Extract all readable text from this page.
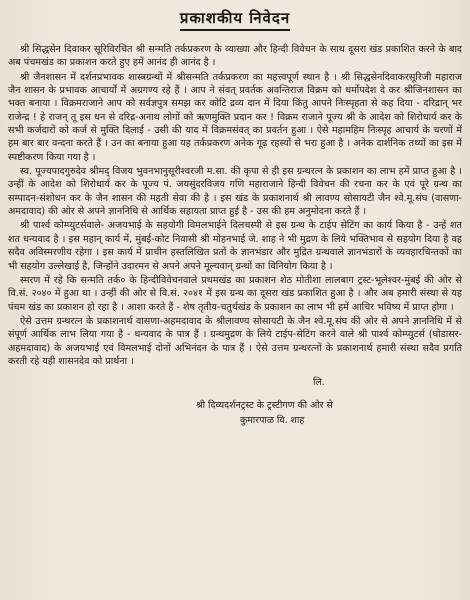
प्रकाशकीय निवेदन

श्री सिद्धसेन दिवाकर सूरिविरचित श्री सन्मति तर्कप्रकरण के व्याख्या और हिन्दी विवेचन के साथ दूसरा खंड प्रकाशित करने के बाद अब पंचमखंड का प्रकाशन करते हुए हमें आनंद ही आनंद है ।

श्री जैनशासन में दर्शनप्रभावक शास्त्रग्रन्थों में श्रीसन्मति तर्कप्रकरण का महत्त्वपूर्ण स्थान है । श्री सिद्धसेनदिवाकरसूरिजी महाराज जैन शासन के प्रभावक आचार्यों में अग्रगण्य रहे हैं । आप ने संवत् प्रवर्तक अवन्तिराज विक्रम को धर्मोपदेश दे कर श्रीजिनशासन का भक्त बनाया । विक्रमराजाने आप को सर्वज्ञपुत्र समझ कर कोटि द्रव्य दान में दिया किंतु आपने निःस्पृहता से कह दिया - दरिद्रान् भर राजेन्द्र ! हे राजन् तू इस धन से दरिद्र-अनाथ लोगों को ऋणमुक्ति प्रदान कर ! विक्रम राजाने पूज्य श्री के आदेश को शिरोधार्य कर के सभी कर्जदारों को कर्ज से मुक्ति दिलाई - उसी की याद में विक्रमसंवत् का प्रवर्तन हुआ । ऐसे महामहिम निःस्पृह आचार्य के चरणों में हम बार बार वन्दना करते हैं । उन का बनाया हुआ यह तर्कप्रकरण अनेक गूढ़ रहस्यों से भरा हुआ है । अनेक दार्शनिक तथ्यों का इस में स्पष्टीकरण किया गया है ।

स्व. पूज्यपादगुरुदेव श्रीमद् विजय भुवनभानुसूरीश्वरजी म.सा. की कृपा से ही इस ग्रन्थरत्न के प्रकाशन का लाभ हमें प्राप्त हुआ है । उन्हीं के आदेश को शिरोधार्य कर के पूज्य पं. जयसुंदरविजय गणि महाराजाने हिन्दी विवेचन की रचना कर के एवं पूरे ग्रन्थ का सम्पादन-संशोधन कर के जैन शासन की महती सेवा की है । इस खंड के प्रकाशनार्थ श्री लावण्य सोसायटी जैन श्वे.मू.संघ (वासणा-अमदावाद) की ओर से अपने ज्ञाननिधि से आर्थिक सहायता प्राप्त हुई है - उस की हम अनुमोदना करते हैं ।

श्री पार्श्व कोम्प्युटर्सवाले- अजयभाई के सहयोगी विमलभाईने दिलचस्पी से इस ग्रन्थ के टाईप सेटिंग का कार्य किया है - उन्हें शत शत धन्यवाद है । इस महान् कार्य में, मुंबई-कोट निवासी श्री मोहनभाई जे. शाह ने भी मुद्रण के लिये भक्तिभाव से सहयोग दिया है वह सदैव अविस्मरणीय रहेगा । इस कार्य में प्राचीन हस्तलिखित प्रतों के ज्ञानभंडार और मुद्रित ग्रन्थवाले ज्ञानभंडारों के व्यवहारचिन्तकों का भी सहयोग उल्लेखाई है, जिन्होंने उदारमन से अपने अपने मूल्यवान् ग्रन्थों का विनियोग किया है ।

स्मरण में रहे कि सन्मति तर्क० के हिन्दीविवेचनवाले प्रथमखंड का प्रकाशन शेठ मोतीशा लालबाग ट्रस्ट-भूलेश्वर-मुंबई की ओर से वि.सं. २०४० में हुआ था । उन्हीं की ओर से वि.सं. २०४१ में इस ग्रन्थ का दूसरा खंड प्रकाशित हुआ है । और अब हमारी संस्था से यह पंचम खंड का प्रकाशन हो रहा है । आशा करते हैं - शेष तृतीय-चतुर्थखंड के प्रकाशन का लाभ भी हमें आचिर भविष्य में प्राप्त होगा ।

ऐसे उत्तम ग्रन्थरत्न के प्रकाशनार्थ वासणा-अहमदावाद के श्रीलावण्य सोसायटी के जैन श्वे.मू.संघ की ओर से अपने ज्ञाननिधि में से संपूर्ण आर्थिक लाभ लिया गया है - धन्यवाद के पात्र हैं । ग्रन्थमुद्रण के लिये टाईप-सेटिंग करने वाले श्री पार्श्व कोम्प्युटर्स (घोडासर-अहमदावाद) के अजयभाई एवं विमलभाई दोनों अभिनंदन के पात्र हैं । ऐसे उत्तम ग्रन्थरत्नों के प्रकाशनार्थ हमारी संस्था सदैव प्रगति करती रहे यही शासनदेव को प्रार्थना ।

लि.
श्री दिव्यदर्शनट्रस्ट के ट्रस्टीगण की ओर से
कुमारपाळ वि. शाह
